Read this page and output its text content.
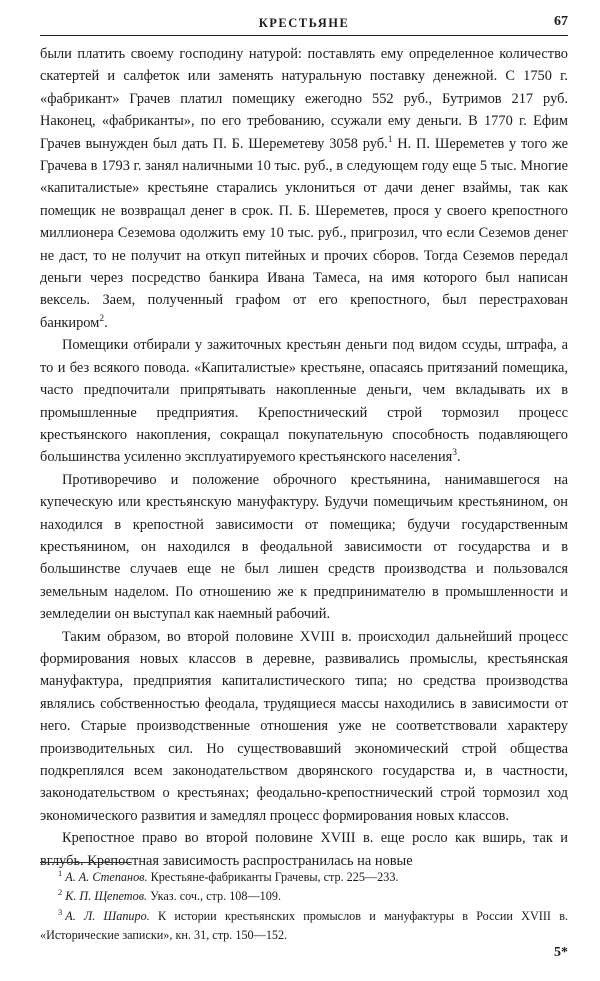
КРЕСТЬЯНЕ	67

были платить своему господину натурой: поставлять ему определенное количество скатертей и салфеток или заменять натуральную поставку денежной. С 1750 г. «фабрикант» Грачев платил помещику ежегодно 552 руб., Бутримов 217 руб. Наконец, «фабриканты», по его требованию, ссужали ему деньги. В 1770 г. Ефим Грачев вынужден был дать П. Б. Шереметеву 3058 руб.$^1$ Н. П. Шереметев у того же Грачева в 1793 г. занял наличными 10 тыс. руб., в следующем году еще 5 тыс. Многие «капиталистые» крестьяне старались уклониться от дачи денег взаймы, так как помещик не возвращал денег в срок. П. Б. Шереметев, прося у своего крепостного миллионера Сеземова одолжить ему 10 тыс. руб., пригрозил, что если Сеземов денег не даст, то не получит на откуп питейных и прочих сборов. Тогда Сеземов передал деньги через посредство банкира Ивана Тамеса, на имя которого был написан вексель. Заем, полученный графом от его крепостного, был перестрахован банкиром$^2$.

Помещики отбирали у зажиточных крестьян деньги под видом ссуды, штрафа, а то и без всякого повода. «Капиталистые» крестьяне, опасаясь притязаний помещика, часто предпочитали припрятывать накопленные деньги, чем вкладывать их в промышленные предприятия. Крепостнический строй тормозил процесс крестьянского накопления, сокращал покупательную способность подавляющего большинства усиленно эксплуатируемого крестьянского населения$^3$.

Противоречиво и положение оброчного крестьянина, нанимавшегося на купеческую или крестьянскую мануфактуру. Будучи помещичьим крестьянином, он находился в крепостной зависимости от помещика; будучи государственным крестьянином, он находился в феодальной зависимости от государства и в большинстве случаев еще не был лишен средств производства и пользовался земельным наделом. По отношению же к предпринимателю в промышленности и земледелии он выступал как наемный рабочий.

Таким образом, во второй половине XVIII в. происходил дальнейший процесс формирования новых классов в деревне, развивались промыслы, крестьянская мануфактура, предприятия капиталистического типа; но средства производства являлись собственностью феодала, трудящиеся массы находились в зависимости от него. Старые производственные отношения уже не соответствовали характеру производительных сил. Но существовавший экономический строй общества подкреплялся всем законодательством дворянского государства и, в частности, законодательством о крестьянах; феодально-крепостнический строй тормозил ход экономического развития и замедлял процесс формирования новых классов.

Крепостное право во второй половине XVIII в. еще росло как вширь, так и вглубь. Крепостная зависимость распространилась на новые

$^1$ А. А. Степанов. Крестьяне-фабриканты Грачевы, стр. 225—233.

$^2$ К. П. Щепетов. Указ. соч., стр. 108—109.

$^3$ А. Л. Шапиро. К истории крестьянских промыслов и мануфактуры в России XVIII в. «Исторические записки», кн. 31, стр. 150—152.

5*
